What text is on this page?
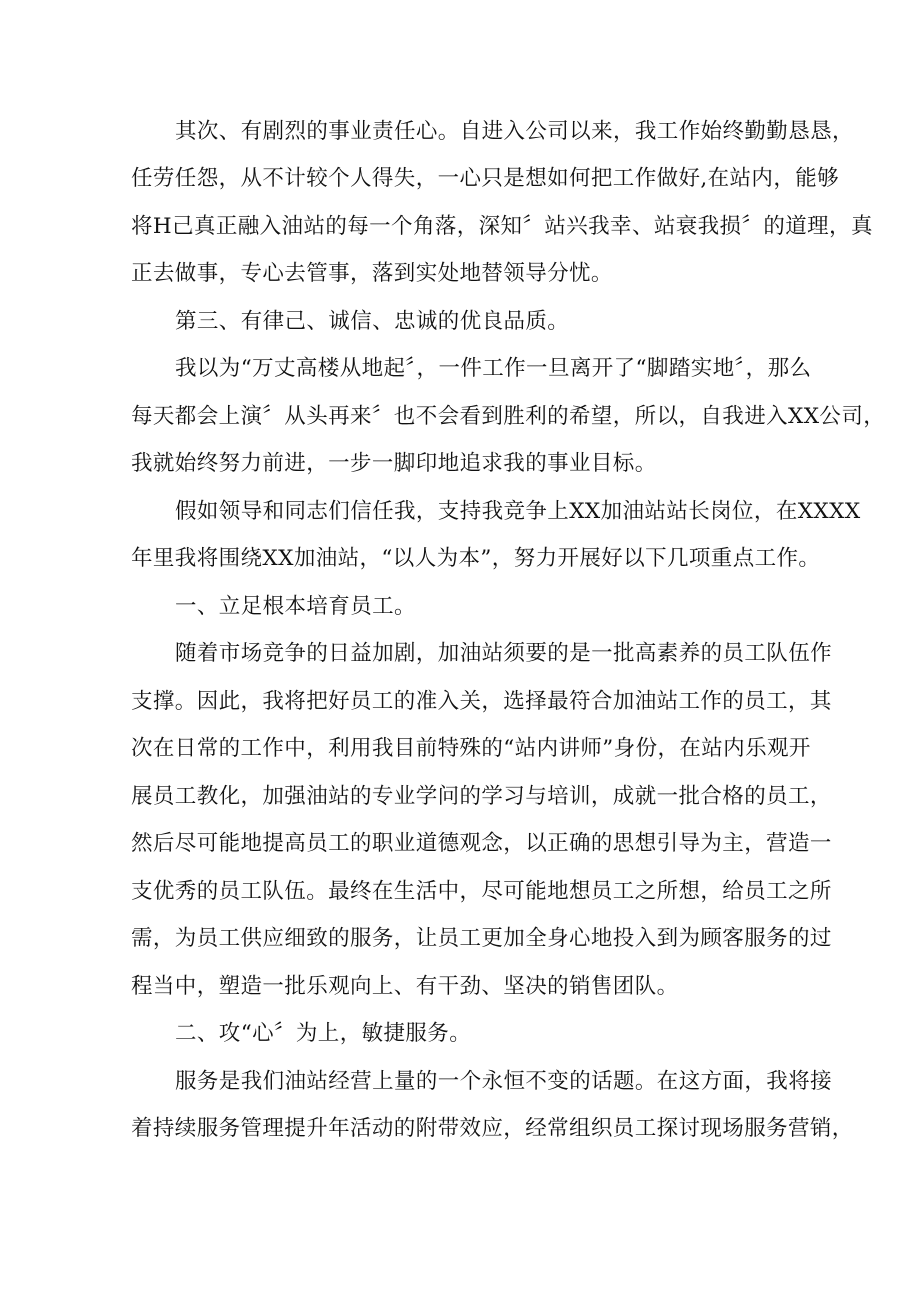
其次、有剧烈的事业责任心。自进入公司以来，我工作始终勤勤恳恳，
任劳任怨，从不计较个人得失，一心只是想如何把工作做好,在站内，能够
将H己真正融入油站的每一个角落，深知〞站兴我幸、站衰我损〞的道理，真
正去做事，专心去管事，落到实处地替领导分忧。
第三、有律己、诚信、忠诚的优良品质。
我以为“万丈高楼从地起〞，一件工作一旦离开了“脚踏实地〞，那么
每天都会上演〞从头再来〞也不会看到胜利的希望，所以，自我进入XX公司，
我就始终努力前进，一步一脚印地追求我的事业目标。
假如领导和同志们信任我，支持我竞争上XX加油站站长岗位，在XXXX
年里我将围绕XX加油站，“以人为本”，努力开展好以下几项重点工作。
一、立足根本培育员工。
随着市场竞争的日益加剧，加油站须要的是一批高素养的员工队伍作
支撑。因此，我将把好员工的准入关，选择最符合加油站工作的员工，其
次在日常的工作中，利用我目前特殊的“站内讲师”身份，在站内乐观开
展员工教化，加强油站的专业学问的学习与培训，成就一批合格的员工，
然后尽可能地提高员工的职业道德观念，以正确的思想引导为主，营造一
支优秀的员工队伍。最终在生活中，尽可能地想员工之所想，给员工之所
需，为员工供应细致的服务，让员工更加全身心地投入到为顾客服务的过
程当中，塑造一批乐观向上、有干劲、坚决的销售团队。
二、攻“心〞为上，敏捷服务。
服务是我们油站经营上量的一个永恒不变的话题。在这方面，我将接
着持续服务管理提升年活动的附带效应，经常组织员工探讨现场服务营销，
